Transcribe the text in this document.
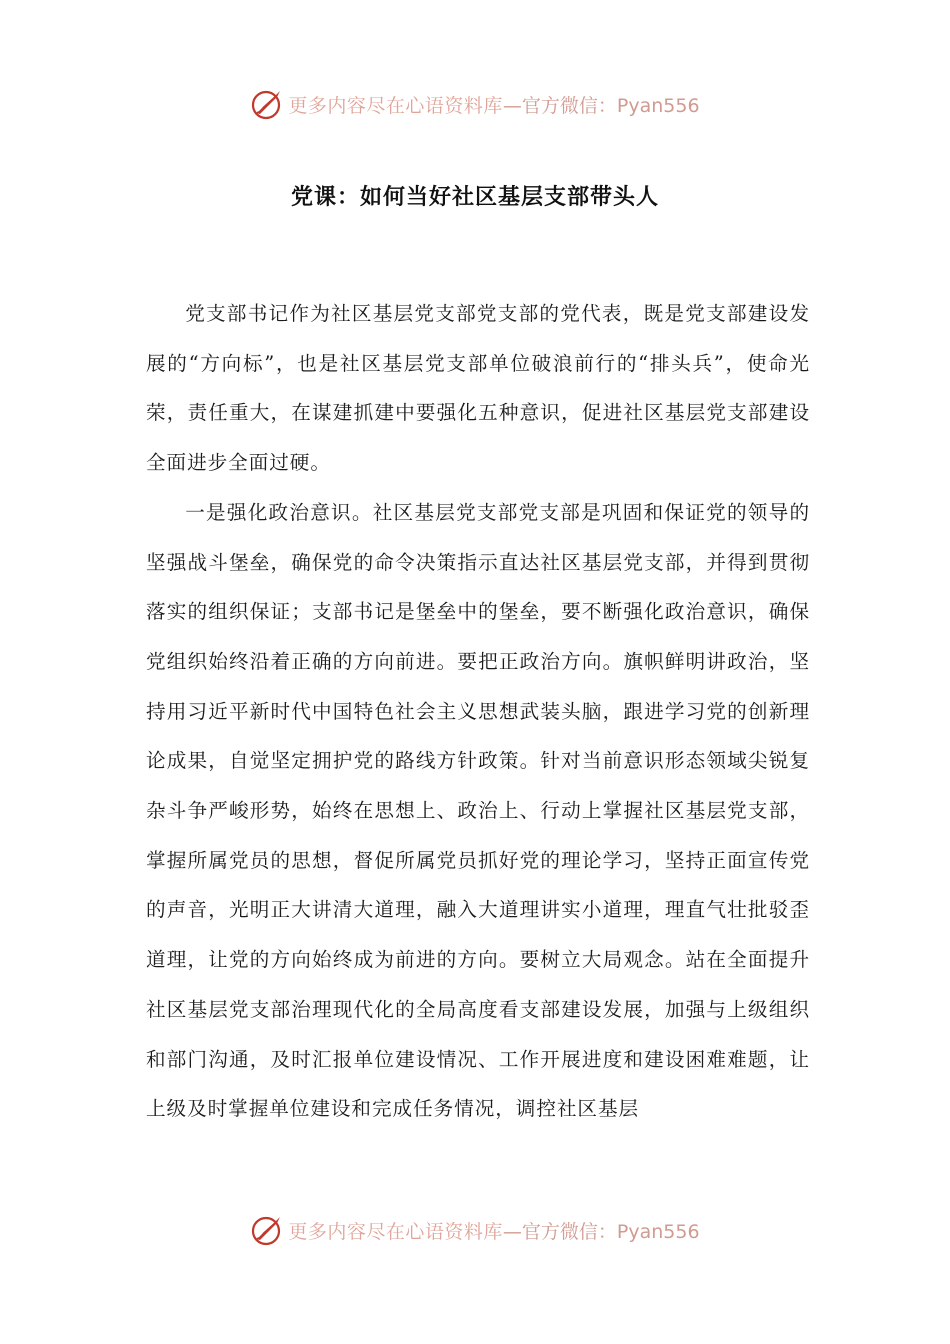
更多内容尽在心语资料库 —官方微信：Pyan556
党课：如何当好社区基层支部带头人

党支部书记作为社区基层党支部党支部的党代表，既是党支部建设发展的“方向标”，也是社区基层党支部单位破浪前行的“排头兵”，使命光荣，责任重大，在谋建抓建中要强化五种意识，促进社区基层党支部建设全面进步全面过硬。

一是强化政治意识。社区基层党支部党支部是巩固和保证党的领导的坚强战斗堡垒，确保党的命令决策指示直达社区基层党支部，并得到贯彻落实的组织保证；支部书记是堡垒中的堡垒，要不断强化政治意识，确保党组织始终沿着正确的方向前进。要把正政治方向。旗帜鲜明讲政治，坚持用习近平新时代中国特色社会主义思想武装头脑，跟进学习党的创新理论成果，自觉坚定拥护党的路线方针政策。针对当前意识形态领域尖锐复杂斗争严峻形势，始终在思想上、政治上、行动上掌握社区基层党支部，掌握所属党员的思想，督促所属党员抓好党的理论学习，坚持正面宣传党的声音，光明正大讲清大道理，融入大道理讲实小道理，理直气壮批驳歪道理，让党的方向始终成为前进的方向。要树立大局观念。站在全面提升社区基层党支部治理现代化的全局高度看支部建设发展，加强与上级组织和部门沟通，及时汇报单位建设情况、工作开展进度和建设困难难题，让上级及时掌握单位建设和完成任务情况，调控社区基层

更多内容尽在心语资料库 —官方微信：Pyan556
